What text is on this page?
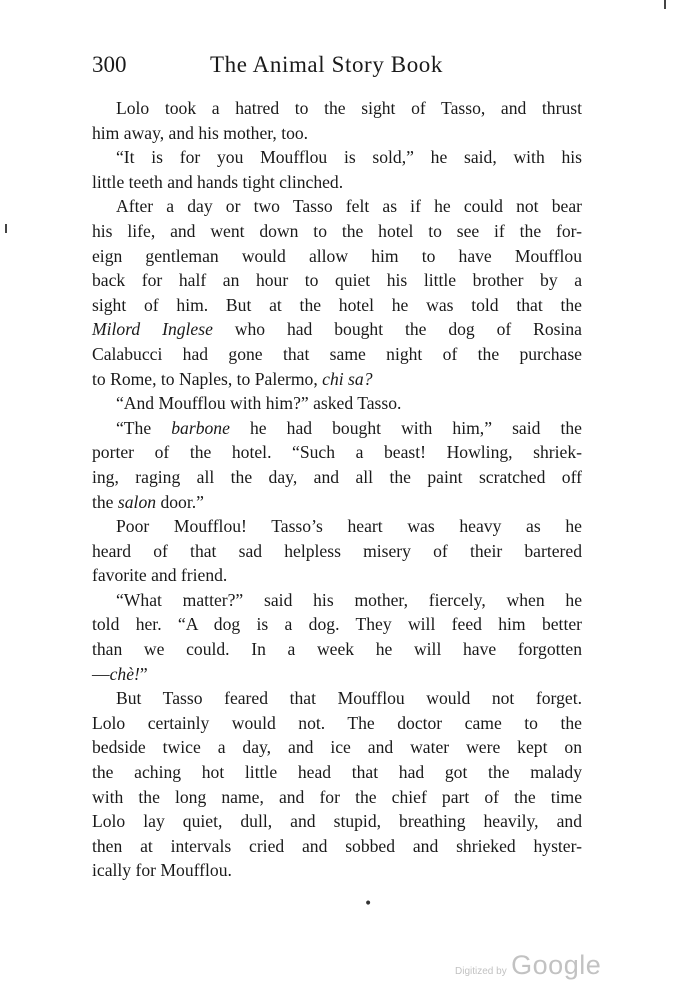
300	The Animal Story Book
Lolo took a hatred to the sight of Tasso, and thrust
him away, and his mother, too.
“It is for you Moufflou is sold,” he said, with his
little teeth and hands tight clinched.
After a day or two Tasso felt as if he could not bear
his life, and went down to the hotel to see if the for-
eign gentleman would allow him to have Moufflou
back for half an hour to quiet his little brother by a
sight of him. But at the hotel he was told that the
Milord Inglese who had bought the dog of Rosina
Calabucci had gone that same night of the purchase
to Rome, to Naples, to Palermo, chi sa?
“And Moufflou with him?” asked Tasso.
“The barbone he had bought with him,” said the
porter of the hotel. “Such a beast! Howling, shriek-
ing, raging all the day, and all the paint scratched off
the salon door.”
Poor Moufflou! Tasso’s heart was heavy as he
heard of that sad helpless misery of their bartered
favorite and friend.
“What matter?” said his mother, fiercely, when he
told her. “A dog is a dog. They will feed him better
than we could. In a week he will have forgotten
—chè!”
But Tasso feared that Moufflou would not forget.
Lolo certainly would not. The doctor came to the
bedside twice a day, and ice and water were kept on
the aching hot little head that had got the malady
with the long name, and for the chief part of the time
Lolo lay quiet, dull, and stupid, breathing heavily, and
then at intervals cried and sobbed and shrieked hyster-
ically for Moufflou.
•
Digitized by Google
